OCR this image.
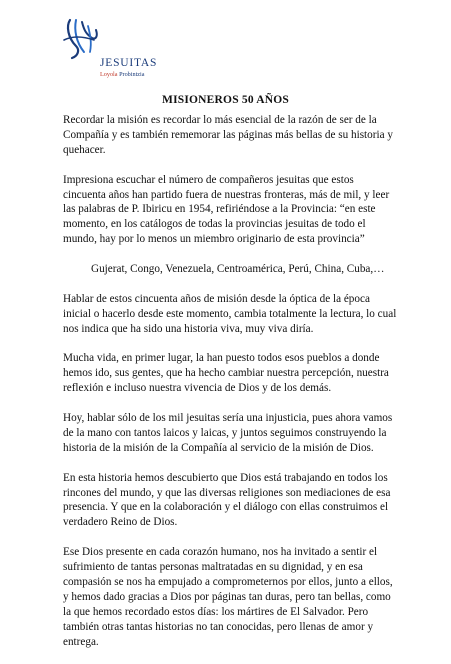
JESUITAS
Loyola Probintzia
MISIONEROS 50 AÑOS

Recordar la misión es recordar lo más esencial de la razón de ser de la Compañía y es también rememorar las páginas más bellas de su historia y quehacer.

Impresiona escuchar el número de compañeros jesuitas que estos cincuenta años han partido fuera de nuestras fronteras, más de mil, y leer las palabras de P. Ibiricu en 1954, refiriéndose a la Provincia: “en este momento, en los catálogos de todas la provincias jesuitas de todo el mundo, hay por lo menos un miembro originario de esta provincia”

Gujerat, Congo, Venezuela, Centroamérica, Perú, China, Cuba,…

Hablar de estos cincuenta años de misión desde la óptica de la época inicial o hacerlo desde este momento, cambia totalmente la lectura, lo cual nos indica que ha sido una historia viva, muy viva diría.

Mucha vida, en primer lugar, la han puesto todos esos pueblos a donde hemos ido, sus gentes, que ha hecho cambiar nuestra percepción, nuestra reflexión e incluso nuestra vivencia de Dios y de los demás.

Hoy, hablar sólo de los mil jesuitas sería una injusticia, pues ahora vamos de la mano con tantos laicos y laicas, y juntos seguimos construyendo la historia de la misión de la Compañía al servicio de la misión de Dios.

En esta historia hemos descubierto que Dios está trabajando en todos los rincones del mundo, y que las diversas religiones son mediaciones de esa presencia. Y que en la colaboración y el diálogo con ellas construimos el verdadero Reino de Dios.

Ese Dios presente en cada corazón humano, nos ha invitado a sentir el sufrimiento de tantas personas maltratadas en su dignidad, y en esa compasión se nos ha empujado a comprometernos por ellos, junto a ellos, y hemos dado gracias a Dios por páginas tan duras, pero tan bellas, como la que hemos recordado estos días: los mártires de El Salvador. Pero también otras tantas historias no tan conocidas, pero llenas de amor y entrega.
